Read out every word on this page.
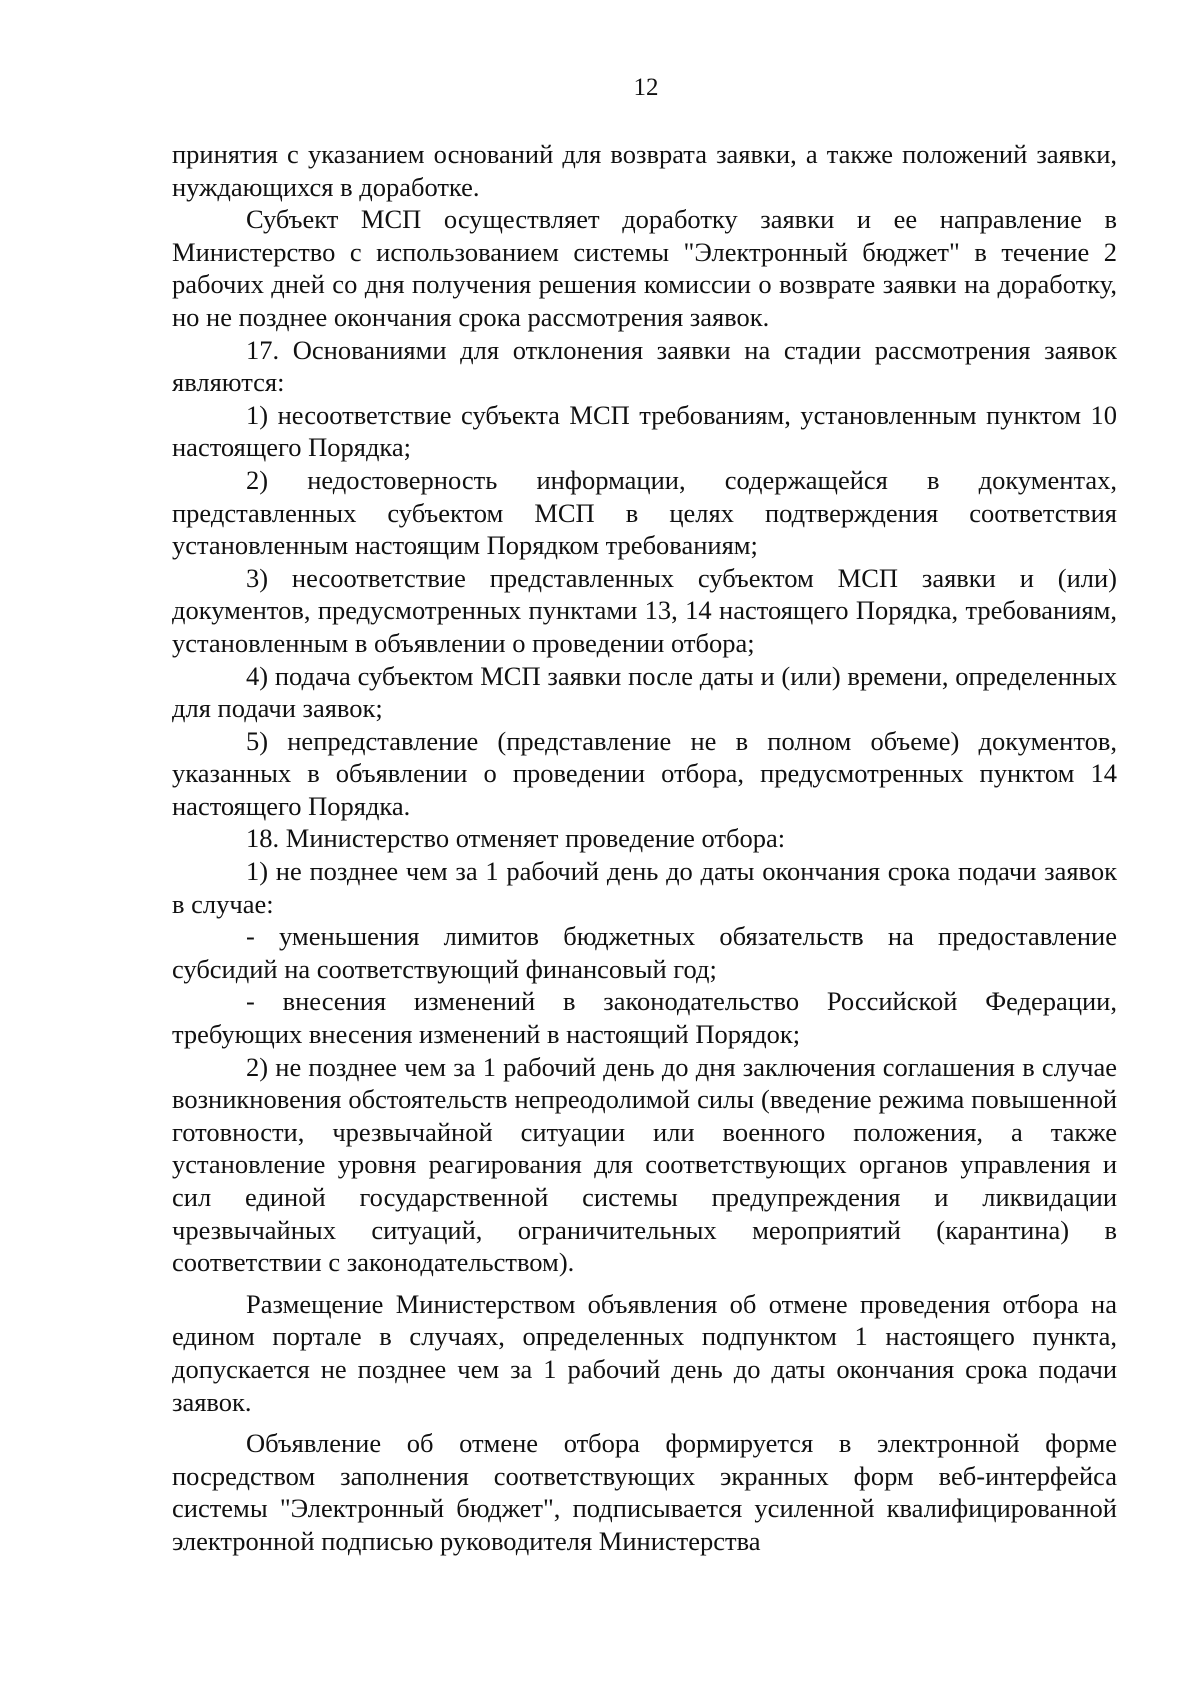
12

принятия с указанием оснований для возврата заявки, а также положений заявки, нуждающихся в доработке.

Субъект МСП осуществляет доработку заявки и ее направление в Министерство с использованием системы "Электронный бюджет" в течение 2 рабочих дней со дня получения решения комиссии о возврате заявки на доработку, но не позднее окончания срока рассмотрения заявок.

17. Основаниями для отклонения заявки на стадии рассмотрения заявок являются:

1) несоответствие субъекта МСП требованиям, установленным пунктом 10 настоящего Порядка;

2) недостоверность информации, содержащейся в документах, представленных субъектом МСП в целях подтверждения соответствия установленным настоящим Порядком требованиям;

3) несоответствие представленных субъектом МСП заявки и (или) документов, предусмотренных пунктами 13, 14 настоящего Порядка, требованиям, установленным в объявлении о проведении отбора;

4) подача субъектом МСП заявки после даты и (или) времени, определенных для подачи заявок;

5) непредставление (представление не в полном объеме) документов, указанных в объявлении о проведении отбора, предусмотренных пунктом 14 настоящего Порядка.

18. Министерство отменяет проведение отбора:

1) не позднее чем за 1 рабочий день до даты окончания срока подачи заявок в случае:

- уменьшения лимитов бюджетных обязательств на предоставление субсидий на соответствующий финансовый год;

- внесения изменений в законодательство Российской Федерации, требующих внесения изменений в настоящий Порядок;

2) не позднее чем за 1 рабочий день до дня заключения соглашения в случае возникновения обстоятельств непреодолимой силы (введение режима повышенной готовности, чрезвычайной ситуации или военного положения, а также установление уровня реагирования для соответствующих органов управления и сил единой государственной системы предупреждения и ликвидации чрезвычайных ситуаций, ограничительных мероприятий (карантина) в соответствии с законодательством).

Размещение Министерством объявления об отмене проведения отбора на едином портале в случаях, определенных подпунктом 1 настоящего пункта, допускается не позднее чем за 1 рабочий день до даты окончания срока подачи заявок.

Объявление об отмене отбора формируется в электронной форме посредством заполнения соответствующих экранных форм веб-интерфейса системы "Электронный бюджет", подписывается усиленной квалифицированной электронной подписью руководителя Министерства
